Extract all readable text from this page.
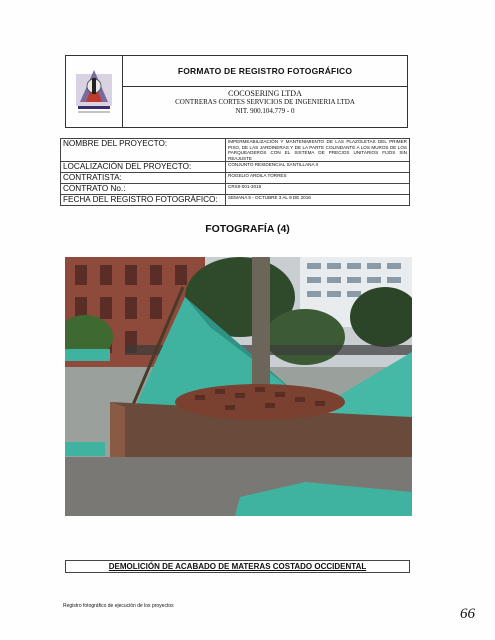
FORMATO DE REGISTRO FOTOGRÁFICO
COCOSERING LTDA
CONTRERAS CORTES SERVICIOS DE INGENIERIA LTDA
NIT. 900.104.779 - 0
NOMBRE DEL PROYECTO:	IMPERMEABILIZACIÓN Y MANTENIMIENTO DE LAS PLAZOLETAS DEL PRIMER PISO, DE LAS JARDINERAS Y DE LA PARTE COLINDANTE A LOS MUROS DE LOS PARQUEADEROS CON EL SISTEMA DE PRECIOS UNITARIOS FIJOS SIN REAJUSTE
LOCALIZACIÓN DEL PROYECTO:	CONJUNTO RESIDENCIAL SANTILLANA II
CONTRATISTA:	ROGELIO ARDILA TORRES
CONTRATO No.:	CRSII-001-2016
FECHA DEL REGISTRO FOTOGRÁFICO:	SEMANA 5 - OCTUBRE 3 AL 9 DE 2016
FOTOGRAFÍA (4)
DEMOLICIÓN DE ACABADO DE MATERAS COSTADO OCCIDENTAL
Registro fotográfico de ejecución de los proyectos	66
